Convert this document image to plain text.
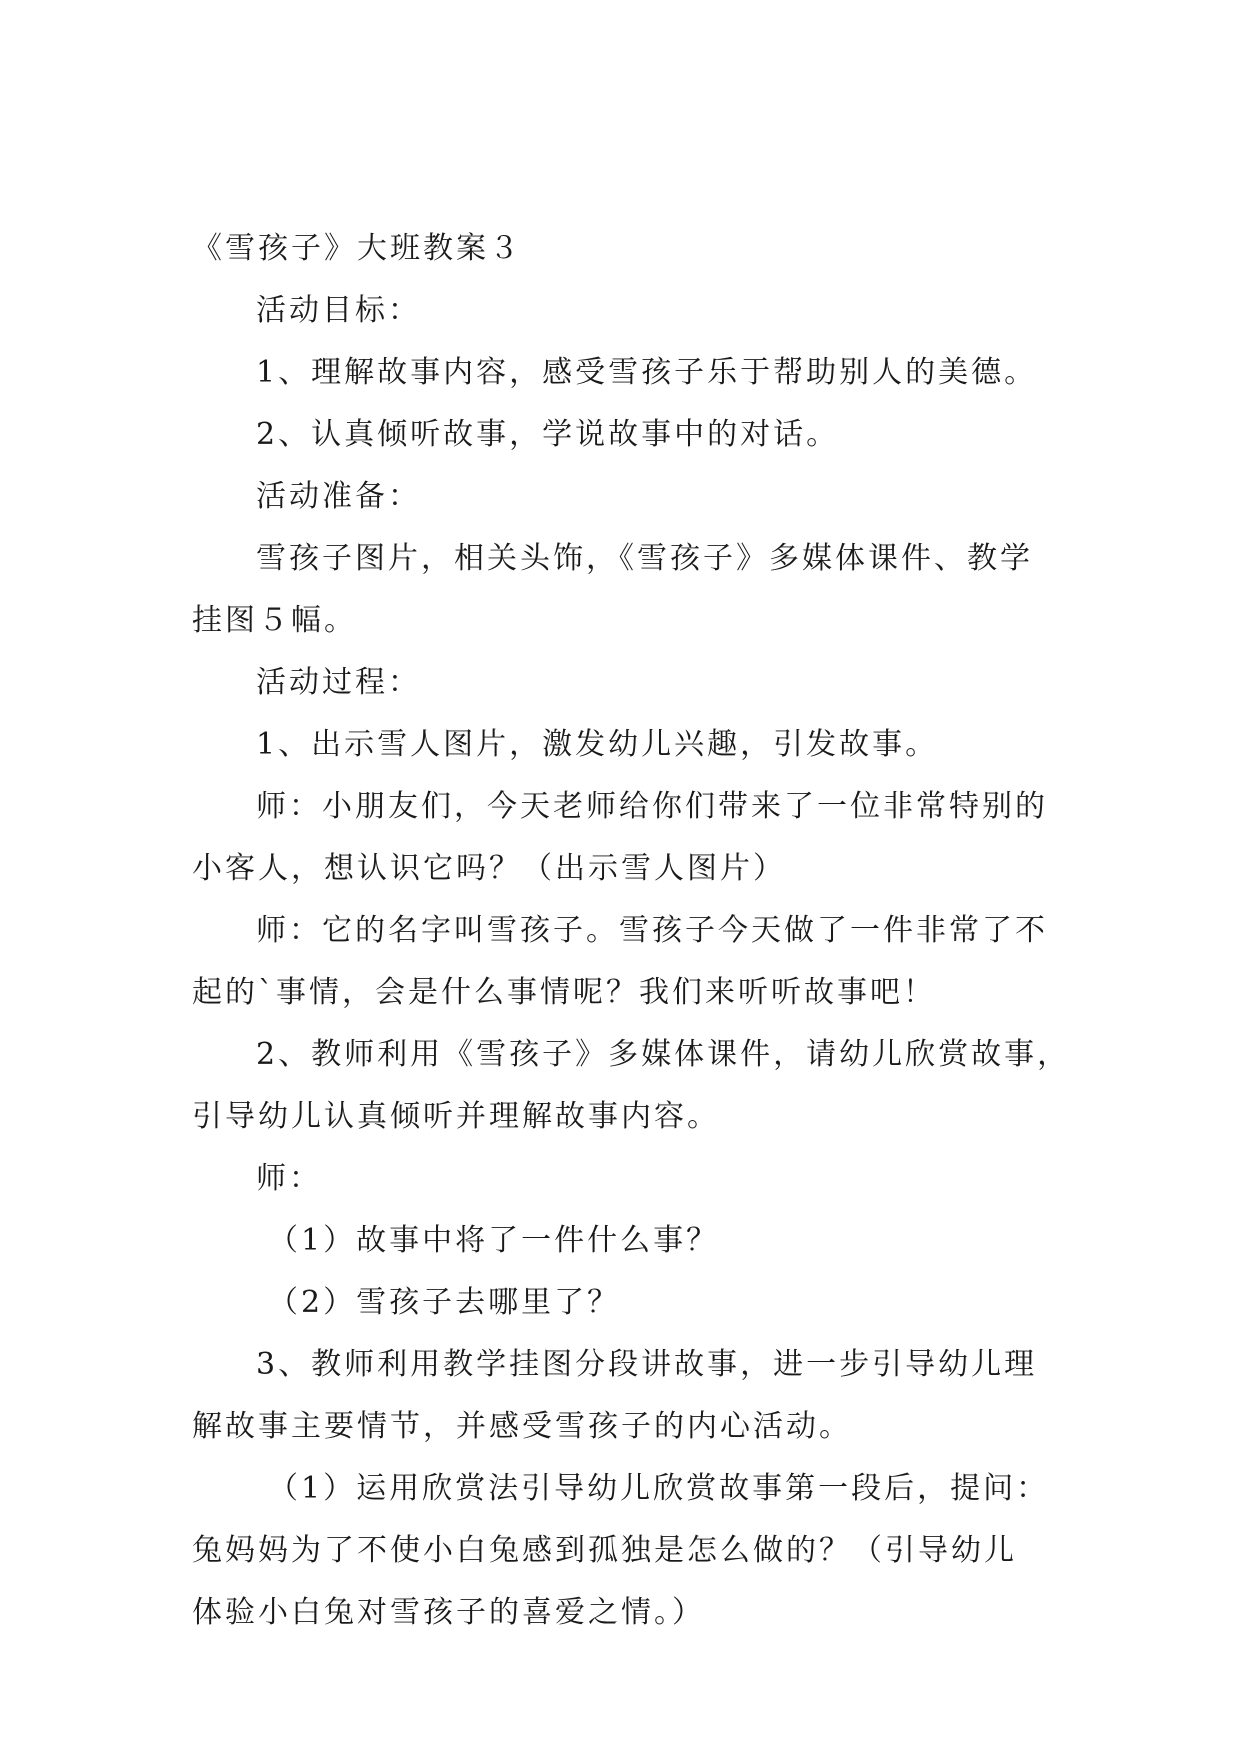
《雪孩子》大班教案３
活动目标：
1、理解故事内容，感受雪孩子乐于帮助别人的美德。
2、认真倾听故事，学说故事中的对话。
活动准备：
雪孩子图片，相关头饰，《雪孩子》多媒体课件、教学
挂图５幅。
活动过程：
1、出示雪人图片，激发幼儿兴趣，引发故事。
师：小朋友们，今天老师给你们带来了一位非常特别的
小客人，想认识它吗？（出示雪人图片）
师：它的名字叫雪孩子。雪孩子今天做了一件非常了不
起的`事情，会是什么事情呢？我们来听听故事吧！
2、教师利用《雪孩子》多媒体课件，请幼儿欣赏故事，
引导幼儿认真倾听并理解故事内容。
师：
（1）故事中将了一件什么事？
（2）雪孩子去哪里了？
3、教师利用教学挂图分段讲故事，进一步引导幼儿理
解故事主要情节，并感受雪孩子的内心活动。
（1）运用欣赏法引导幼儿欣赏故事第一段后，提问：
兔妈妈为了不使小白兔感到孤独是怎么做的？（引导幼儿
体验小白兔对雪孩子的喜爱之情。）
